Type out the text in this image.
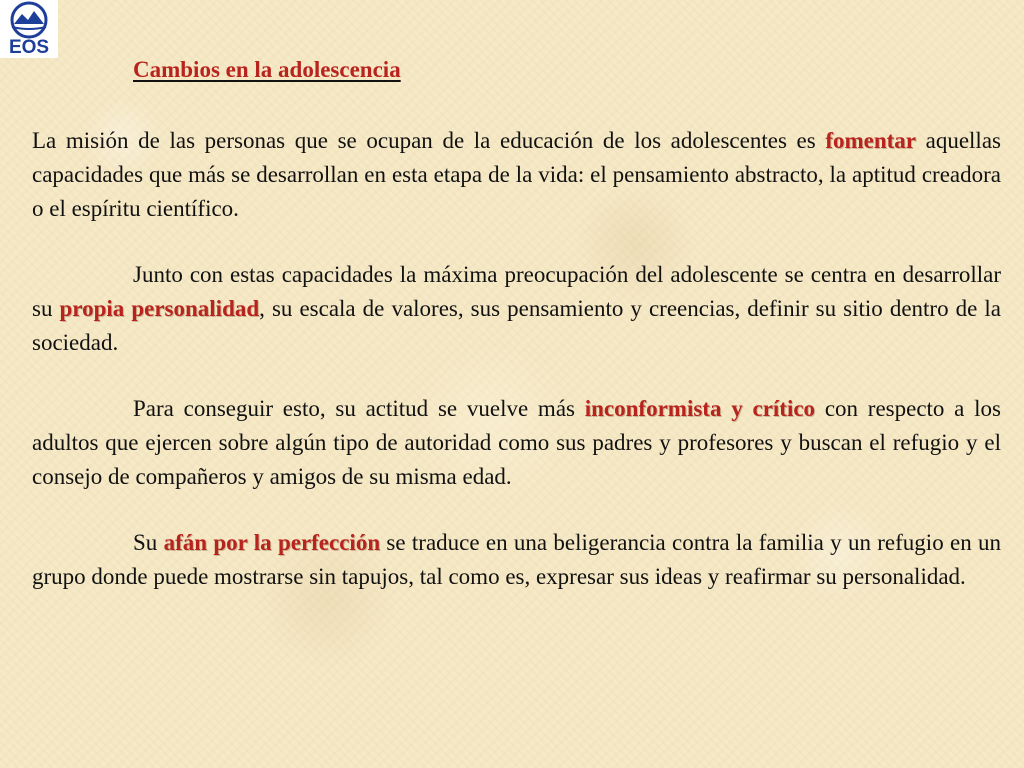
EOS
Cambios en la adolescencia

La misión de las personas que se ocupan de la educación de los adolescentes es fomentar aquellas capacidades que más se desarrollan en esta etapa de la vida: el pensamiento abstracto, la aptitud creadora o el espíritu científico.

Junto con estas capacidades la máxima preocupación del adolescente se centra en desarrollar su propia personalidad, su escala de valores, sus pensamiento y creencias, definir su sitio dentro de la sociedad.

Para conseguir esto, su actitud se vuelve más inconformista y crítico con respecto a los adultos que ejercen sobre algún tipo de autoridad como sus padres y profesores y buscan el refugio y el consejo de compañeros y amigos de su misma edad.

Su afán por la perfección se traduce en una beligerancia contra la familia y un refugio en un grupo donde puede mostrarse sin tapujos, tal como es, expresar sus ideas y reafirmar su personalidad.
